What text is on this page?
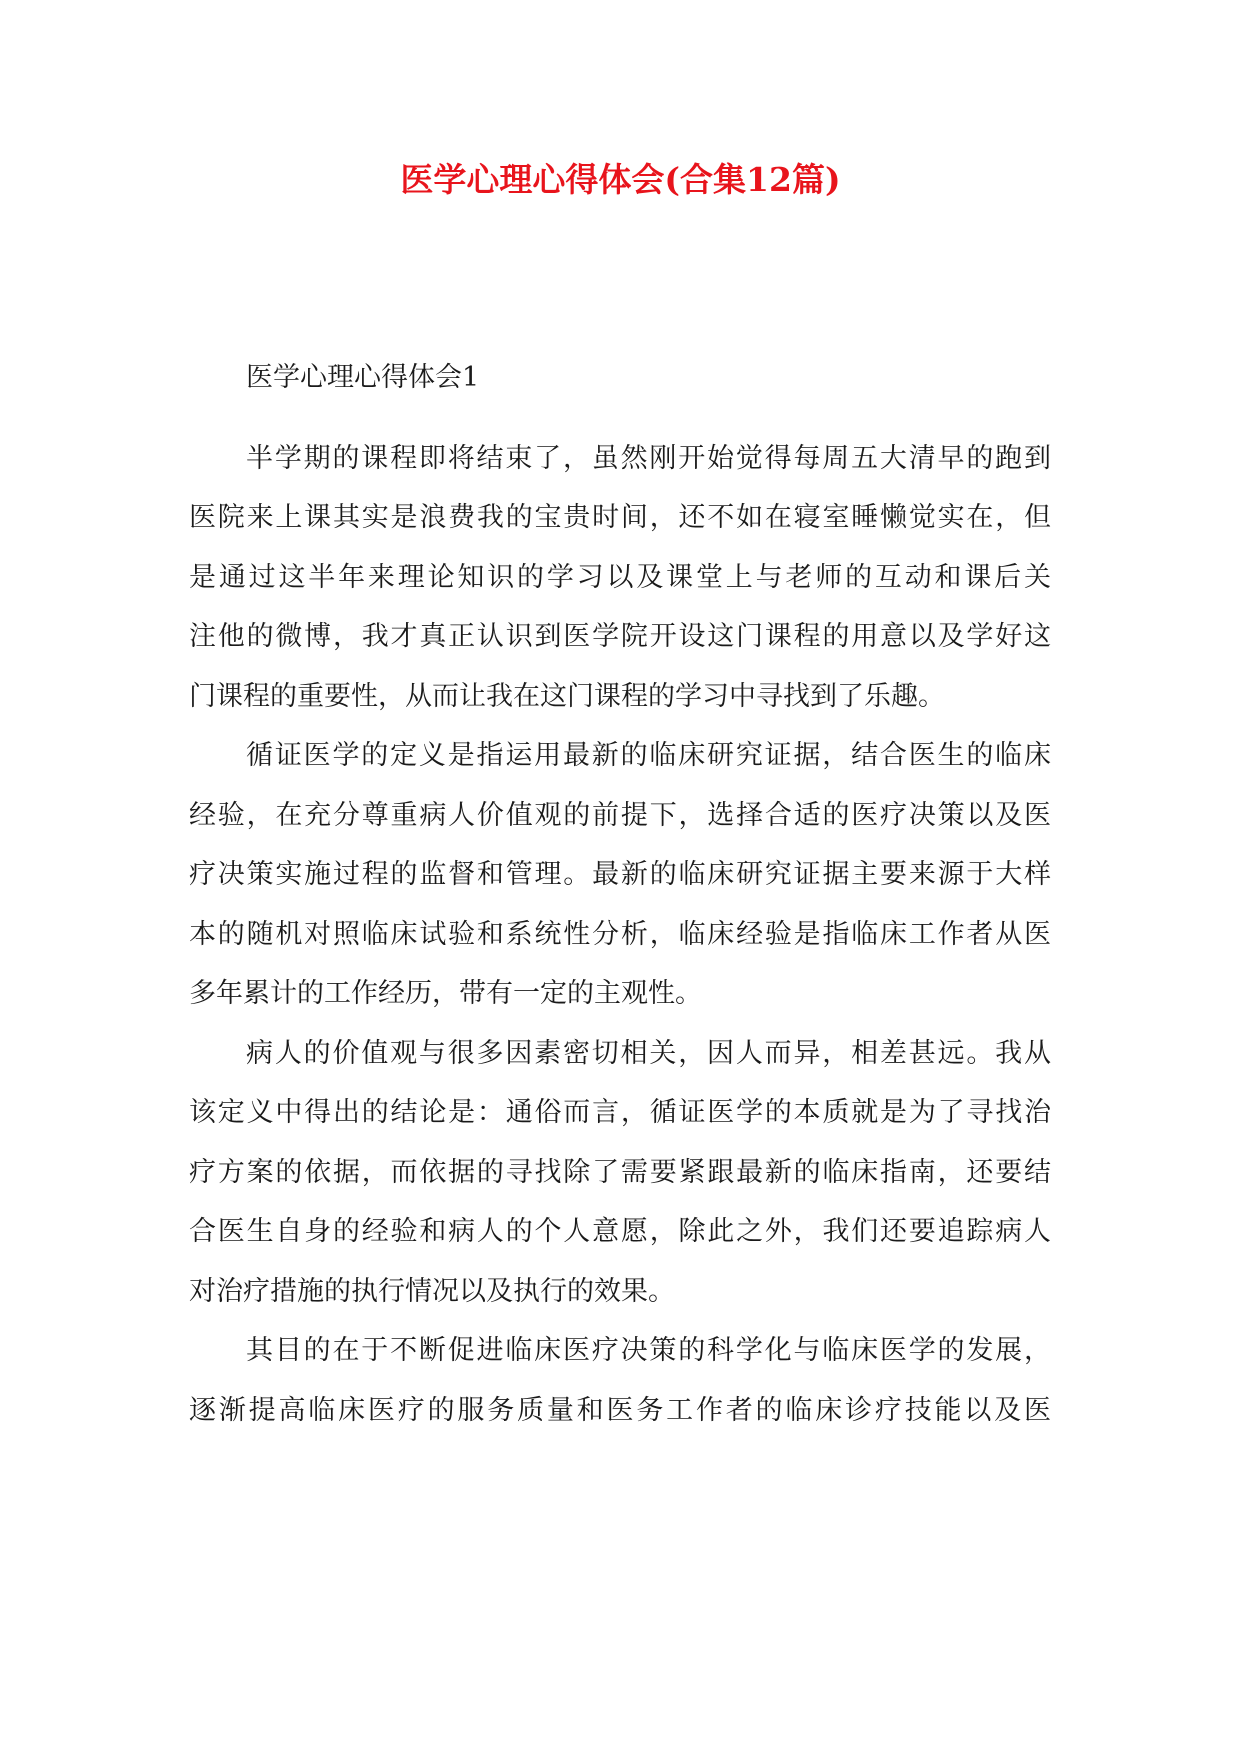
医学心理心得体会(合集12篇)
医学心理心得体会1
半学期的课程即将结束了，虽然刚开始觉得每周五大清早的跑到
医院来上课其实是浪费我的宝贵时间，还不如在寝室睡懒觉实在，但
是通过这半年来理论知识的学习以及课堂上与老师的互动和课后关
注他的微博，我才真正认识到医学院开设这门课程的用意以及学好这
门课程的重要性，从而让我在这门课程的学习中寻找到了乐趣。
循证医学的定义是指运用最新的临床研究证据，结合医生的临床
经验，在充分尊重病人价值观的前提下，选择合适的医疗决策以及医
疗决策实施过程的监督和管理。最新的临床研究证据主要来源于大样
本的随机对照临床试验和系统性分析，临床经验是指临床工作者从医
多年累计的工作经历，带有一定的主观性。
病人的价值观与很多因素密切相关，因人而异，相差甚远。我从
该定义中得出的结论是：通俗而言，循证医学的本质就是为了寻找治
疗方案的依据，而依据的寻找除了需要紧跟最新的临床指南，还要结
合医生自身的经验和病人的个人意愿，除此之外，我们还要追踪病人
对治疗措施的执行情况以及执行的效果。
其目的在于不断促进临床医疗决策的科学化与临床医学的发展，
逐渐提高临床医疗的服务质量和医务工作者的临床诊疗技能以及医
